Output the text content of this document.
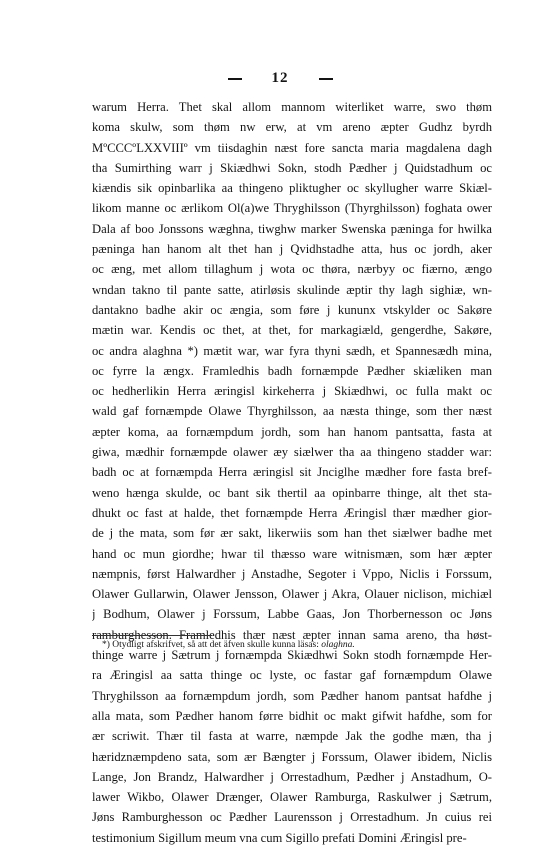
12
warum Herra. Thet skal allom mannom witerliket warre, swo thøm
koma skulw, som thøm nw erw, at vm areno æpter Gudhz byrdh
MºCCCºLXXVIIIº vm tiisdaghin næst fore sancta maria magdalena dagh
tha Sumirthing warr j Skiædhwi Sokn, stodh Pædher j Quidstadhum oc
kiændis sik opinbarlika aa thingeno pliktugher oc skyllugher warre Skiæl-
likom manne oc ærlikom Ol(a)we Thryghilsson (Thyrghilsson) foghata ower
Dala af boo Jonssons wæghna, tiwghw marker Swenska pæninga for hwilka
pæninga han hanom alt thet han j Qvidhstadhe atta, hus oc jordh, aker
oc æng, met allom tillaghum j wota oc thøra, nærbyy oc fiærno, ængo
wndan takno til pante satte, atirløsis skulinde æptir thy lagh sighiæ, wn-
dantakno badhe akir oc ængia, som føre j kununx vtskylder oc Sakøre
mætin war. Kendis oc thet, at thet, for markagiæld, gengerdhe, Sakøre,
oc andra alaghna *) mætit war, war fyra thyni sædh, et Spannesædh mina,
oc fyrre la ængx. Framledhis badh fornæmpde Pædher skiæliken man
oc hedherlikin Herra æringisl kirkeherra j Skiædhwi, oc fulla makt oc
wald gaf fornæmpde Olawe Thyrghilsson, aa næsta thinge, som ther næst
æpter koma, aa fornæmpdum jordh, som han hanom pantsatta, fasta at
giwa, mædhir fornæmpde olawer æy siælwer tha aa thingeno stadder war:
badh oc at fornæmpda Herra æringisl sit Jnciglhe mædher fore fasta bref-
weno hænga skulde, oc bant sik thertil aa opinbarre thinge, alt thet sta-
dhukt oc fast at halde, thet fornæmpde Herra Æringisl thær mædher gior-
de j the mata, som før ær sakt, likerwiis som han thet siælwer badhe met
hand oc mun giordhe; hwar til thæsso ware witnismæn, som hær æpter
næmpnis, først Halwardher j Anstadhe, Segoter i Vppo, Niclis i Forssum,
Olawer Gullarwin, Olawer Jensson, Olawer j Akra, Olauer niclison, michiæl
j Bodhum, Olawer j Forssum, Labbe Gaas, Jon Thorbernesson oc Jøns
ramburghesson. Framledhis thær næst æpter innan sama areno, tha høst-
thinge warre j Sætrum j fornæmpda Skiædhwi Sokn stodh fornæmpde Her-
ra Æringisl aa satta thinge oc lyste, oc fastar gaf fornæmpdum Olawe
Thryghilsson aa fornæmpdum jordh, som Pædher hanom pantsat hafdhe j
alla mata, som Pædher hanom førre bidhit oc makt gifwit hafdhe, som for
ær scriwit. Thær til fasta at warre, næmpde Jak the godhe mæn, tha j
hæridznæmpdeno sata, som ær Bængter j Forssum, Olawer ibidem, Niclis
Lange, Jon Brandz, Halwardher j Orrestadhum, Pædher j Anstadhum, O-
lawer Wikbo, Olawer Drænger, Olawer Ramburga, Raskulwer j Sætrum,
Jøns Ramburghesson oc Pædher Laurensson j Orrestadhum. Jn cuius rei
testimonium Sigillum meum vna cum Sigillo prefati Domini Æringisl pre-
*) Otydligt afskrifvet, så att det äfven skulle kunna läsas: olaghna.
